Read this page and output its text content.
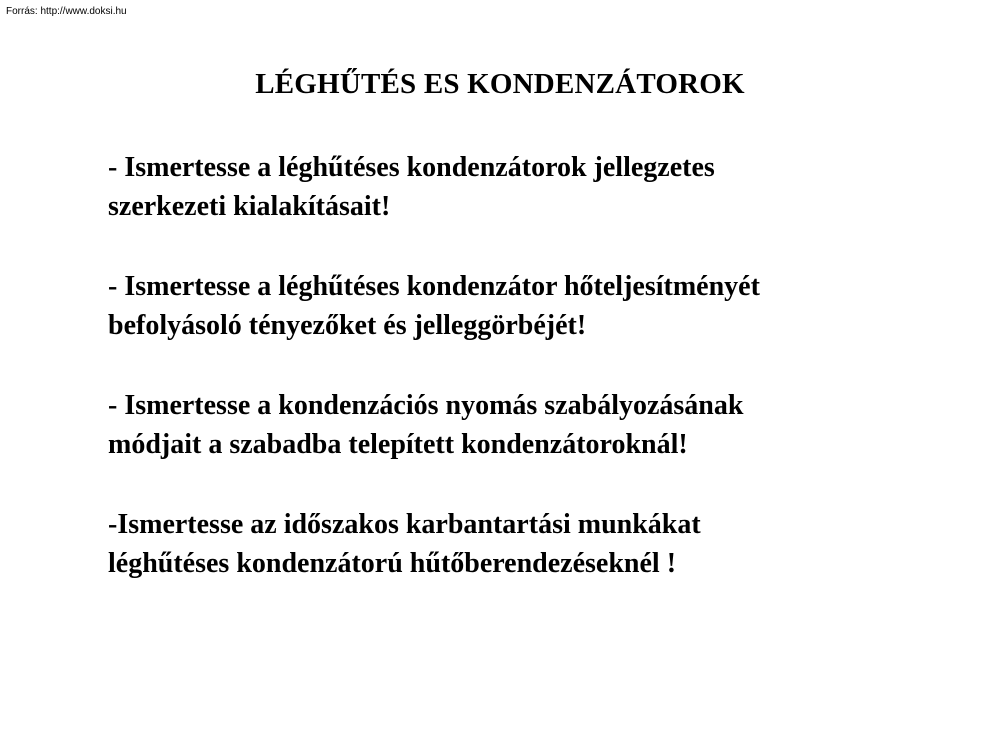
Forrás: http://www.doksi.hu
LÉGHŰTÉS ES KONDENZÁTOROK
- Ismertesse a léghűtéses kondenzátorok jellegzetes
szerkezeti kialakításait!
- Ismertesse a léghűtéses kondenzátor hőteljesítményét
befolyásoló tényezőket és jelleggörbéjét!
- Ismertesse a kondenzációs nyomás szabályozásának
módjait a szabadba telepített kondenzátoroknál!
-Ismertesse az időszakos karbantartási munkákat
léghűtéses kondenzátorú hűtőberendezéseknél !
